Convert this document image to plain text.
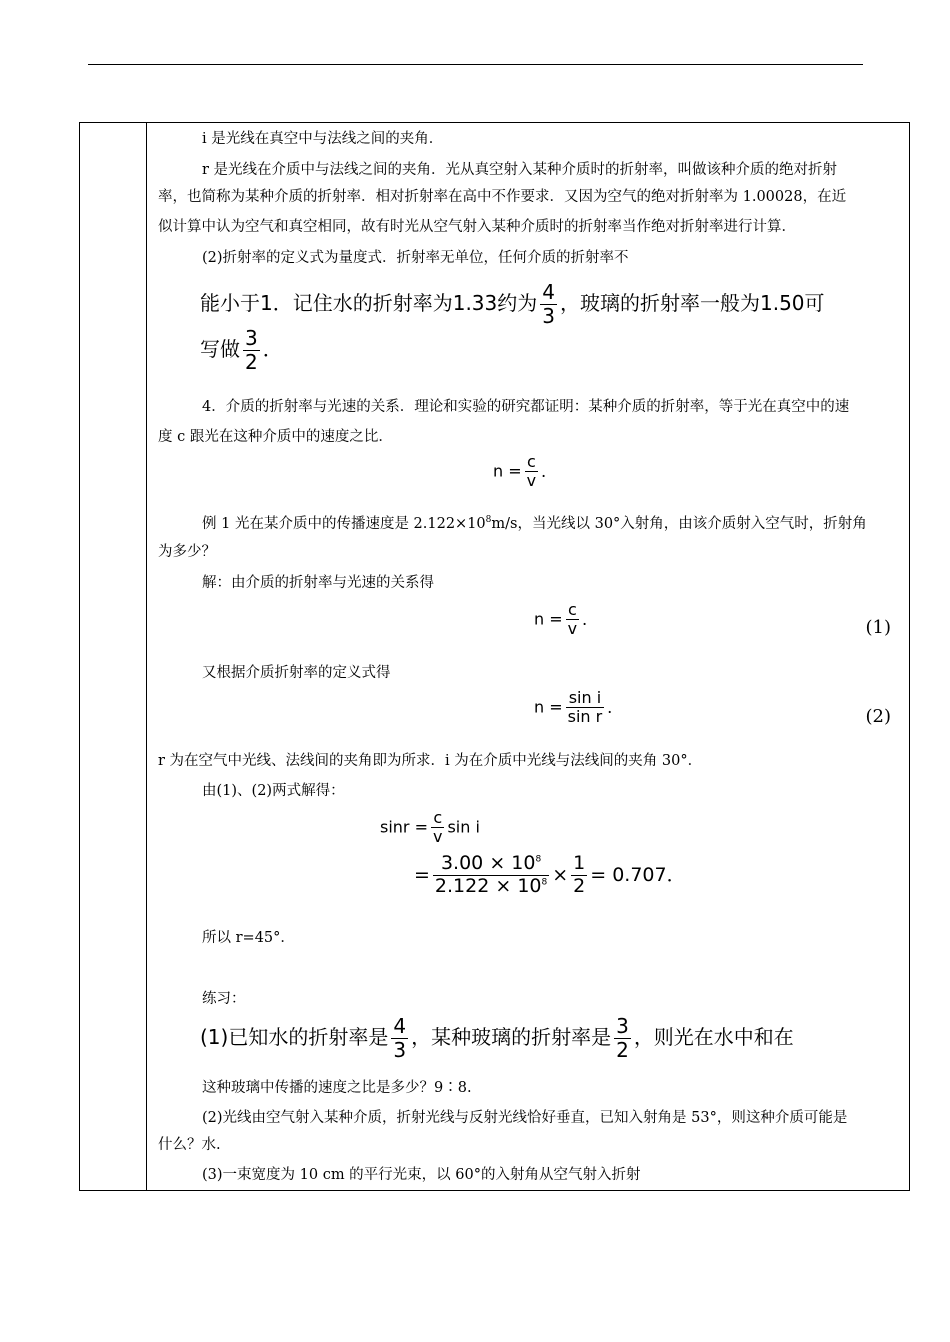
i 是光线在真空中与法线之间的夹角．
r 是光线在介质中与法线之间的夹角．光从真空射入某种介质时的折射率，叫做该种介质的绝对折射
率，也简称为某种介质的折射率．相对折射率在高中不作要求．又因为空气的绝对折射率为 1.00028，在近
似计算中认为空气和真空相同，故有时光从空气射入某种介质时的折射率当作绝对折射率进行计算．
(2)折射率的定义式为量度式．折射率无单位，任何介质的折射率不
能小于1．记住水的折射率为1.33约为 $\frac{4}{3}$ ，玻璃的折射率一般为1.50可
写做 $\frac{3}{2}$ ．
4．介质的折射率与光速的关系．理论和实验的研究都证明：某种介质的折射率，等于光在真空中的速
度 c 跟光在这种介质中的速度之比．
$n = \frac{c}{v}$ ．
例 1 光在某介质中的传播速度是 $2.122\times 10^8m/s$，当光线以 30°入射角，由该介质射入空气时，折射角
为多少？
解：由介质的折射率与光速的关系得
$n = \frac{c}{v}$ ．	(1)
又根据介质折射率的定义式得
$n = \frac{\text{sin i}}{\text{sin r}}$ ．	(2)
r 为在空气中光线、法线间的夹角即为所求．i 为在介质中光线与法线间的夹角 30°．
由(1)、(2)两式解得：
$\sin r = \frac{c}{v}$ sin i
= $\frac{3.00 \times 10^8}{2.122 \times 10^8} \times \frac{1}{2} = 0.707$．
所以 r=45°．
练习：
(1)已知水的折射率是 $\frac{4}{3}$ ，某种玻璃的折射率是 $\frac{3}{2}$ ，则光在水中和在
这种玻璃中传播的速度之比是多少？9∶8.
(2)光线由空气射入某种介质，折射光线与反射光线恰好垂直，已知入射角是 53°，则这种介质可能是
什么？水.
(3)一束宽度为 10 cm 的平行光束，以 60°的入射角从空气射入折射
